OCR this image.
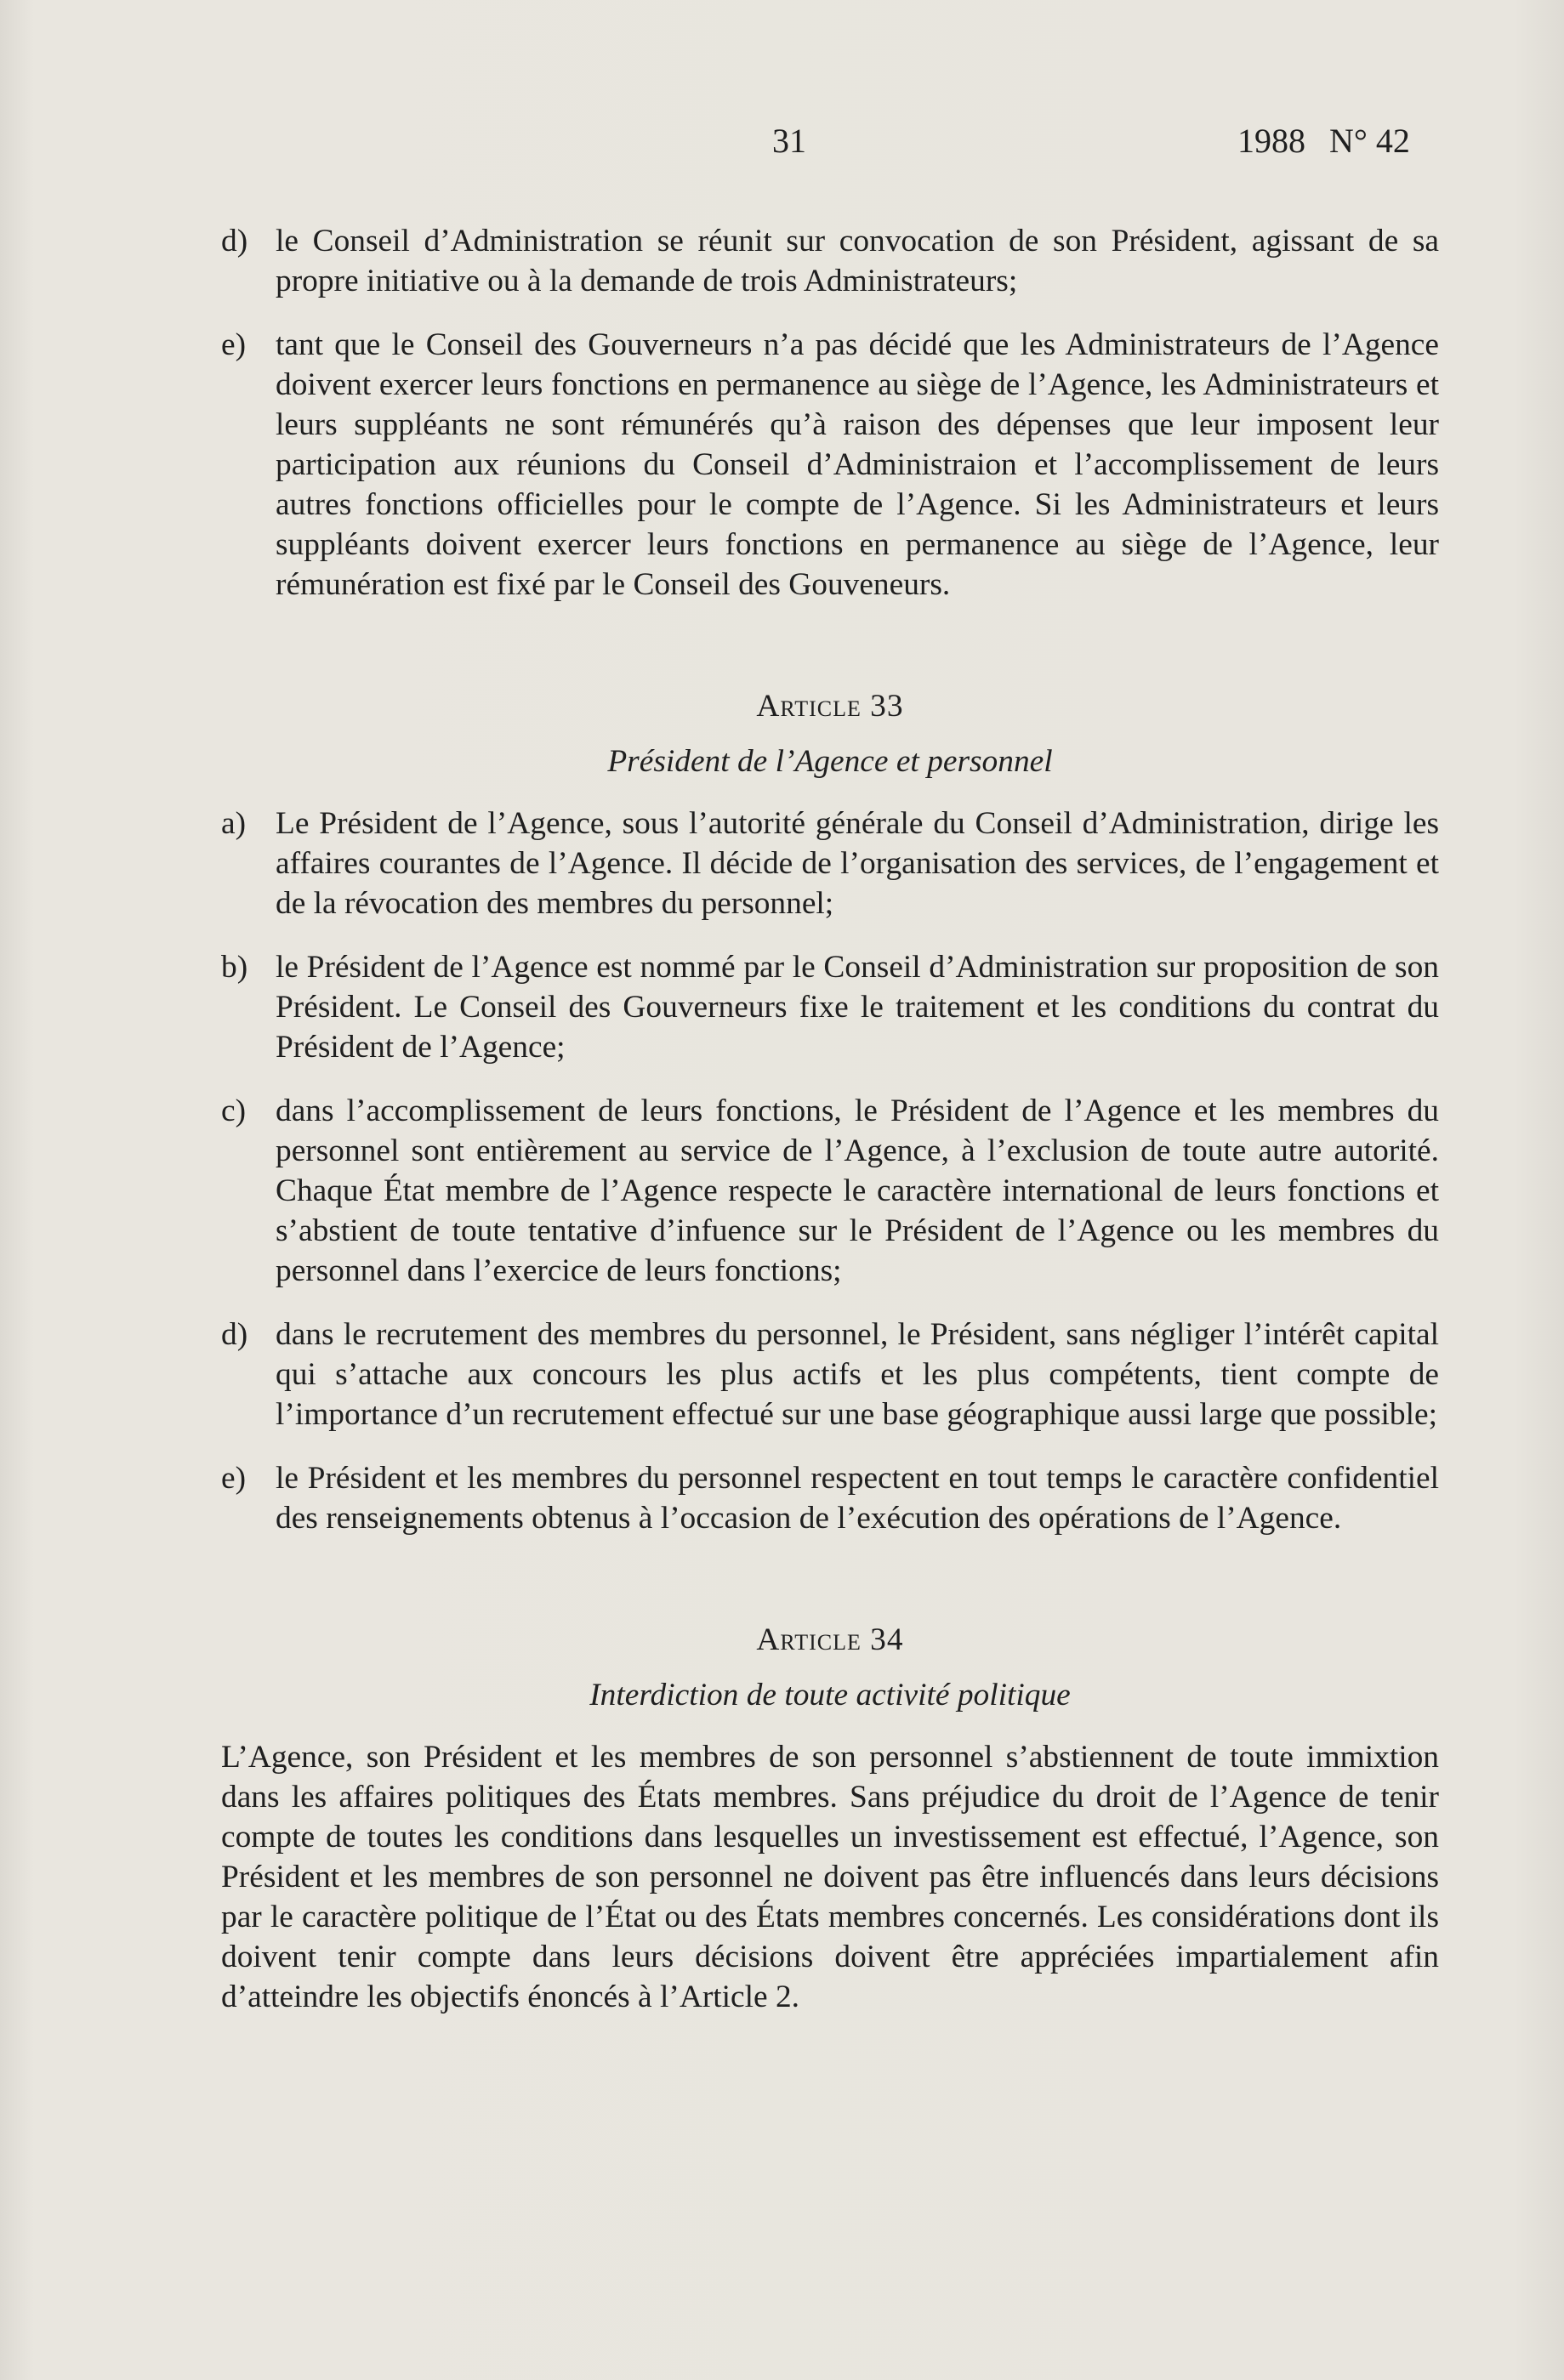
31	1988 N° 42
d) le Conseil d’Administration se réunit sur convocation de son Président, agissant de sa propre initiative ou à la demande de trois Administrateurs;
e) tant que le Conseil des Gouverneurs n’a pas décidé que les Administrateurs de l’Agence doivent exercer leurs fonctions en permanence au siège de l’Agence, les Administrateurs et leurs suppléants ne sont rémunérés qu’à raison des dépenses que leur imposent leur participation aux réunions du Conseil d’Administraion et l’accomplissement de leurs autres fonctions officielles pour le compte de l’Agence. Si les Administrateurs et leurs suppléants doivent exercer leurs fonctions en permanence au siège de l’Agence, leur rémunération est fixé par le Conseil des Gouveneurs.
Article 33
Président de l’Agence et personnel
a) Le Président de l’Agence, sous l’autorité générale du Conseil d’Administration, dirige les affaires courantes de l’Agence. Il décide de l’organisation des services, de l’engagement et de la révocation des membres du personnel;
b) le Président de l’Agence est nommé par le Conseil d’Administration sur proposition de son Président. Le Conseil des Gouverneurs fixe le traitement et les conditions du contrat du Président de l’Agence;
c) dans l’accomplissement de leurs fonctions, le Président de l’Agence et les membres du personnel sont entièrement au service de l’Agence, à l’exclusion de toute autre autorité. Chaque État membre de l’Agence respecte le caractère international de leurs fonctions et s’abstient de toute tentative d’infuence sur le Président de l’Agence ou les membres du personnel dans l’exercice de leurs fonctions;
d) dans le recrutement des membres du personnel, le Président, sans négliger l’intérêt capital qui s’attache aux concours les plus actifs et les plus compétents, tient compte de l’importance d’un recrutement effectué sur une base géographique aussi large que possible;
e) le Président et les membres du personnel respectent en tout temps le caractère confidentiel des renseignements obtenus à l’occasion de l’exécution des opérations de l’Agence.
Article 34
Interdiction de toute activité politique
L’Agence, son Président et les membres de son personnel s’abstiennent de toute immixtion dans les affaires politiques des États membres. Sans préjudice du droit de l’Agence de tenir compte de toutes les conditions dans lesquelles un investissement est effectué, l’Agence, son Président et les membres de son personnel ne doivent pas être influencés dans leurs décisions par le caractère politique de l’État ou des États membres concernés. Les considérations dont ils doivent tenir compte dans leurs décisions doivent être appréciées impartialement afin d’atteindre les objectifs énoncés à l’Article 2.
